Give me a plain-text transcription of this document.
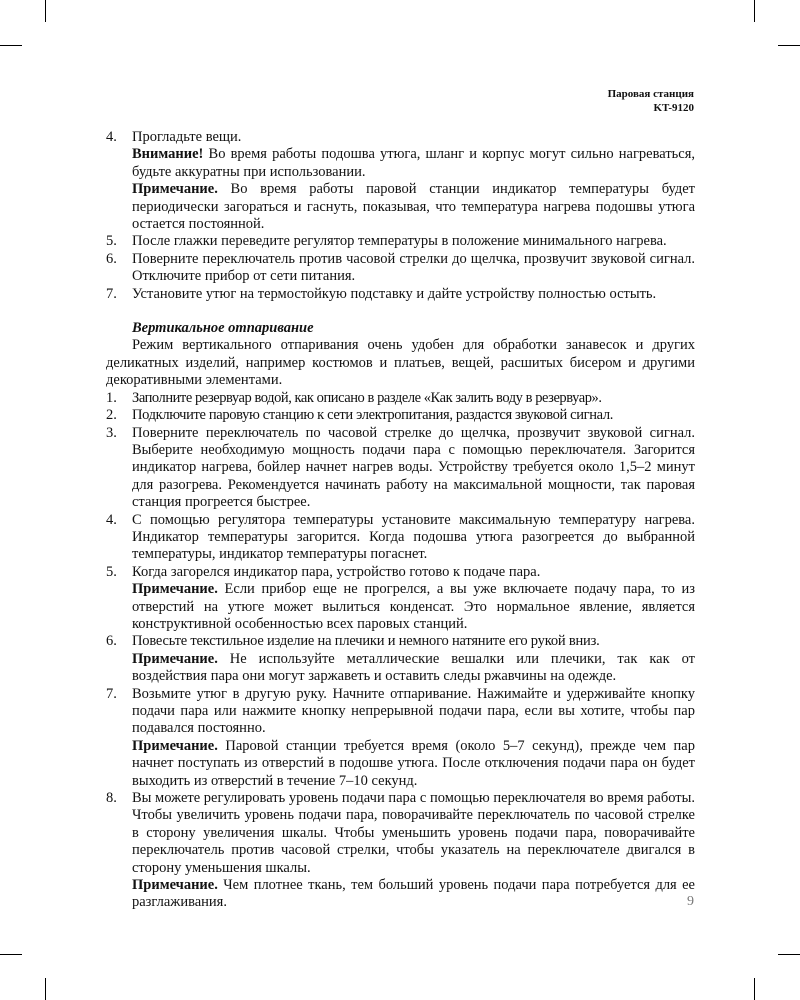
Паровая станция
KT-9120
4.	Прогладьте вещи.

Внимание! Во время работы подошва утюга, шланг и корпус могут сильно нагреваться, будьте аккуратны при использовании.

Примечание. Во время работы паровой станции индикатор температуры будет периодически загораться и гаснуть, показывая, что температура нагрева подошвы утюга остается постоянной.

5.	После глажки переведите регулятор температуры в положение минимального нагрева.

6.	Поверните переключатель против часовой стрелки до щелчка, прозвучит звуковой сигнал. Отключите прибор от сети питания.

7.	Установите утюг на термостойкую подставку и дайте устройству полностью остыть.

Вертикальное отпаривание

Режим вертикального отпаривания очень удобен для обработки занавесок и других деликатных изделий, например костюмов и платьев, вещей, расшитых бисером и другими декоративными элементами.

1.	Заполните резервуар водой, как описано в разделе «Как залить воду в резервуар».

2.	Подключите паровую станцию к сети электропитания, раздастся звуковой сигнал.

3.	Поверните переключатель по часовой стрелке до щелчка, прозвучит звуковой сигнал. Выберите необходимую мощность подачи пара с помощью переключателя. Загорится индикатор нагрева, бойлер начнет нагрев воды. Устройству требуется около 1,5–2 минут для разогрева. Рекомендуется начинать работу на максимальной мощности, так паровая станция прогреется быстрее.

4.	С помощью регулятора температуры установите максимальную температуру нагрева. Индикатор температуры загорится. Когда подошва утюга разогреется до выбранной температуры, индикатор температуры погаснет.

5.	Когда загорелся индикатор пара, устройство готово к подаче пара.

Примечание. Если прибор еще не прогрелся, а вы уже включаете подачу пара, то из отверстий на утюге может вылиться конденсат. Это нормальное явление, является конструктивной особенностью всех паровых станций.

6.	Повесьте текстильное изделие на плечики и немного натяните его рукой вниз.

Примечание. Не используйте металлические вешалки или плечики, так как от воздействия пара они могут заржаветь и оставить следы ржавчины на одежде.

7.	Возьмите утюг в другую руку. Начните отпаривание. Нажимайте и удерживайте кнопку подачи пара или нажмите кнопку непрерывной подачи пара, если вы хотите, чтобы пар подавался постоянно.

Примечание. Паровой станции требуется время (около 5–7 секунд), прежде чем пар начнет поступать из отверстий в подошве утюга. После отключения подачи пара он будет выходить из отверстий в течение 7–10 секунд.

8.	Вы можете регулировать уровень подачи пара с помощью переключателя во время работы. Чтобы увеличить уровень подачи пара, поворачивайте переключатель по часовой стрелке в сторону увеличения шкалы. Чтобы уменьшить уровень подачи пара, поворачивайте переключатель против часовой стрелки, чтобы указатель на переключателе двигался в сторону уменьшения шкалы.

Примечание. Чем плотнее ткань, тем больший уровень подачи пара потребуется для ее разглаживания.	9
